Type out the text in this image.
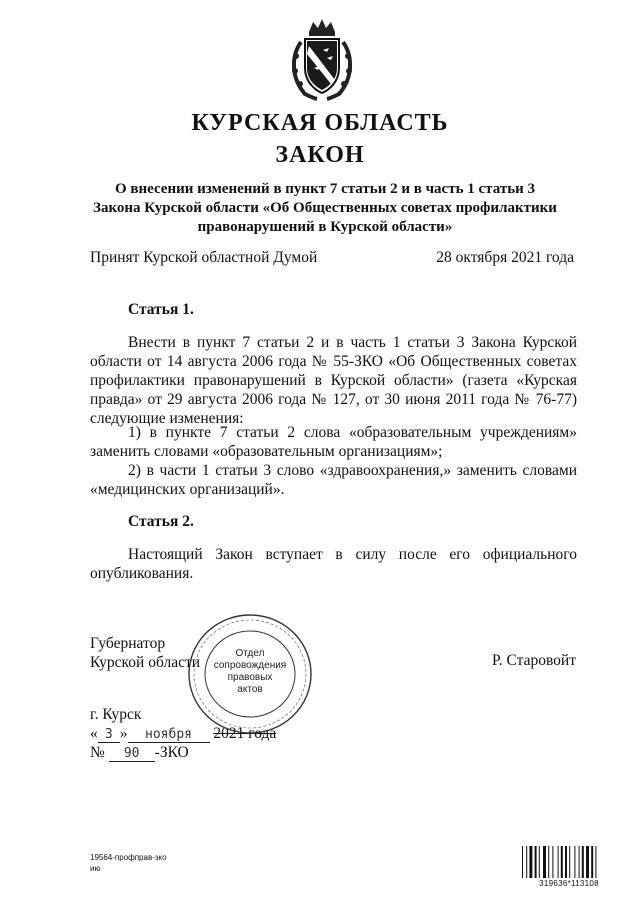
КУРСКАЯ ОБЛАСТЬ
ЗАКОН
О внесении изменений в пункт 7 статьи 2 и в часть 1 статьи 3
Закона Курской области «Об Общественных советах профилактики
правонарушений в Курской области»
Принят Курской областной Думой	28 октября 2021 года
Статья 1.
Внести в пункт 7 статьи 2 и в часть 1 статьи 3 Закона Курской области от 14 августа 2006 года № 55-ЗКО «Об Общественных советах профилактики правонарушений в Курской области» (газета «Курская правда» от 29 августа 2006 года № 127, от 30 июня 2011 года № 76-77) следующие изменения:
1) в пункте 7 статьи 2 слова «образовательным учреждениям» заменить словами «образовательным организациям»;
2) в части 1 статьи 3 слово «здравоохранения,» заменить словами «медицинских организаций».
Статья 2.
Настоящий Закон вступает в силу после его официального опубликования.
Губернатор
Курской области	Р. Старовойт
г. Курск
« 3 » ноября 2021 года
№ 90 -ЗКО
Отдел
сопровождения
правовых
актов
19564-профправ-зко
ию
319636*113108
